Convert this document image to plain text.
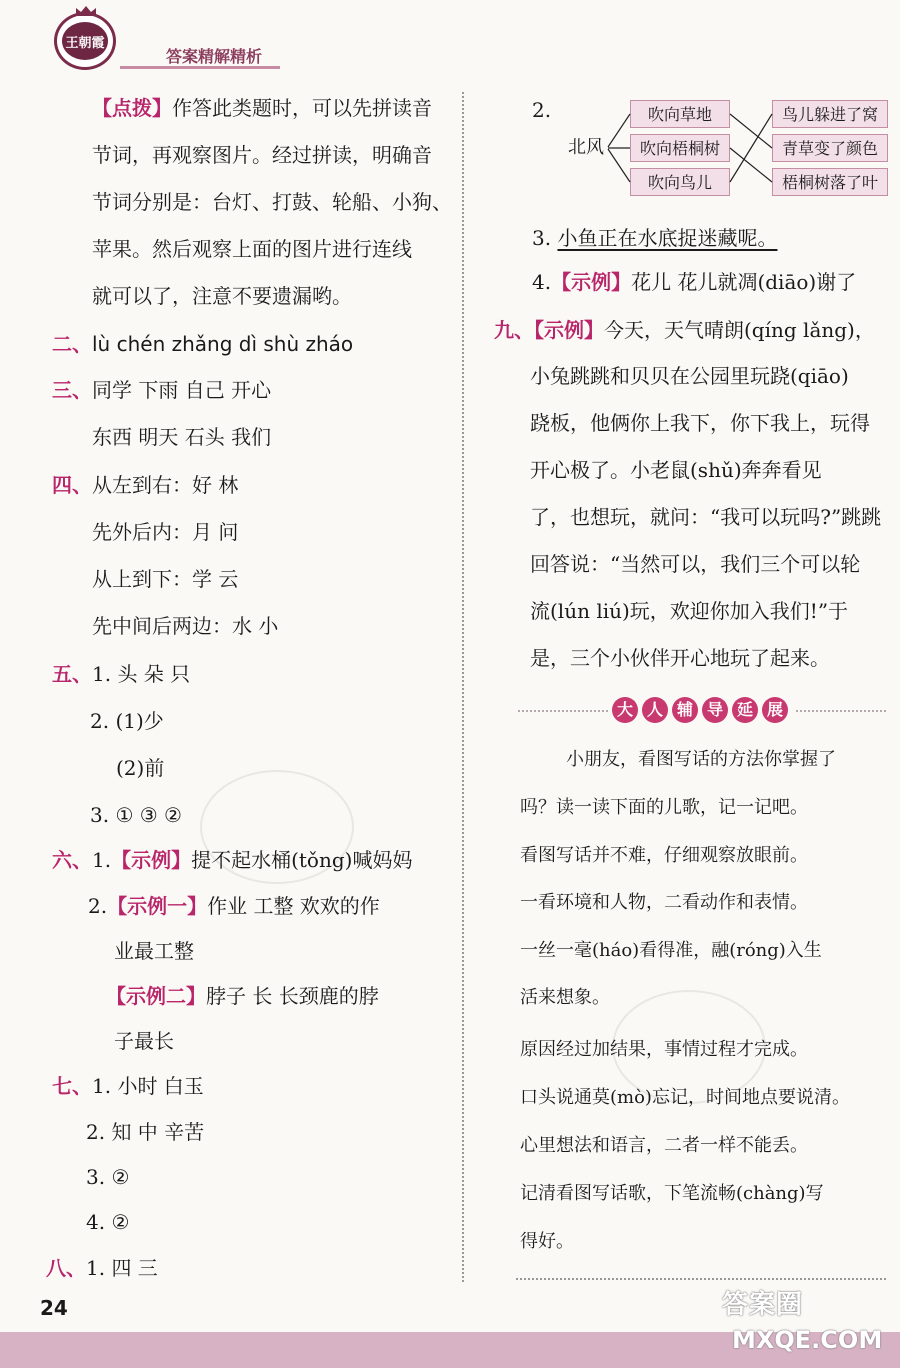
王朝霞
答案精解精析
【点拨】作答此类题时，可以先拼读音
节词，再观察图片。经过拼读，明确音
节词分别是：台灯、打鼓、轮船、小狗、
苹果。然后观察上面的图片进行连线
就可以了，注意不要遗漏哟。
二、lù chén zhǎng dì shù zháo
三、同学 下雨 自己 开心
东西 明天 石头 我们
四、从左到右：好 林
先外后内：月 问
从上到下：学 云
先中间后两边：水 小
五、1. 头 朵 只
2. (1)少
(2)前
3. ① ③ ②
六、1.【示例】提不起水桶(tǒng)喊妈妈
2.【示例一】作业 工整 欢欢的作
业最工整
【示例二】脖子 长 长颈鹿的脖
子最长
七、1. 小时 白玉
2. 知 中 辛苦
3. ②
4. ②
八、1. 四 三
2.
北风
吹向草地
吹向梧桐树
吹向鸟儿
鸟儿躲进了窝
青草变了颜色
梧桐树落了叶
3. 小鱼正在水底捉迷藏呢。
4.【示例】花儿 花儿就凋(diāo)谢了
九、【示例】今天，天气晴朗(qíng lǎng)，
小兔跳跳和贝贝在公园里玩跷(qiāo)
跷板，他俩你上我下，你下我上，玩得
开心极了。小老鼠(shǔ)奔奔看见
了，也想玩，就问：“我可以玩吗?”跳跳
回答说：“当然可以，我们三个可以轮
流(lún liú)玩，欢迎你加入我们!”于
是，三个小伙伴开心地玩了起来。
大 人 辅 导 延 展
小朋友，看图写话的方法你掌握了
吗？读一读下面的儿歌，记一记吧。
看图写话并不难，仔细观察放眼前。
一看环境和人物，二看动作和表情。
一丝一毫(háo)看得准，融(róng)入生
活来想象。
原因经过加结果，事情过程才完成。
口头说通莫(mò)忘记，时间地点要说清。
心里想法和语言，二者一样不能丢。
记清看图写话歌，下笔流畅(chàng)写
得好。
24	答案圈
MXQE.COM
